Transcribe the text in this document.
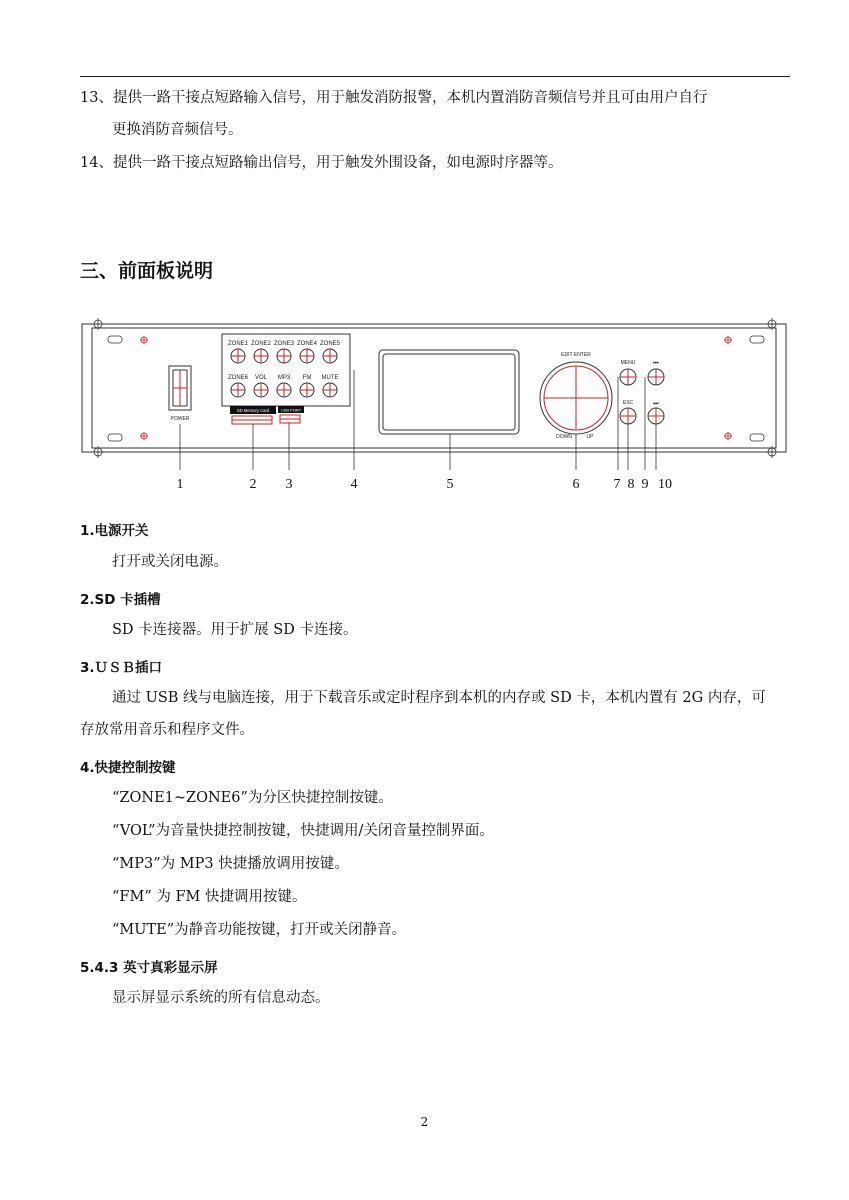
13、提供一路干接点短路输入信号，用于触发消防报警，本机内置消防音频信号并且可由用户自行
更换消防音频信号。
14、提供一路干接点短路输出信号，用于触发外围设备，如电源时序器等。
三、前面板说明
POWER
ZONE1 ZONE2 ZONE3 ZONE4 ZONE5
ZONE6 VOL MP3 FM MUTE
SD Memory Card	USB PORT
EDIT ENTER
DOWN	UP
MENU
ESC
⏮
⏭
1	2 3	4	5	6 7 8 9 10
1.电源开关
打开或关闭电源。
2.SD 卡插槽
SD 卡连接器。用于扩展 SD 卡连接。
3.ＵＳＢ插口
通过 USB 线与电脑连接，用于下载音乐或定时程序到本机的内存或 SD 卡，本机内置有 2G 内存，可
存放常用音乐和程序文件。
4.快捷控制按键
“ZONE1~ZONE6”为分区快捷控制按键。
“VOL”为音量快捷控制按键，快捷调用/关闭音量控制界面。
“MP3”为 MP3 快捷播放调用按键。
“FM” 为 FM 快捷调用按键。
“MUTE”为静音功能按键，打开或关闭静音。
5.4.3 英寸真彩显示屏
显示屏显示系统的所有信息动态。
2
